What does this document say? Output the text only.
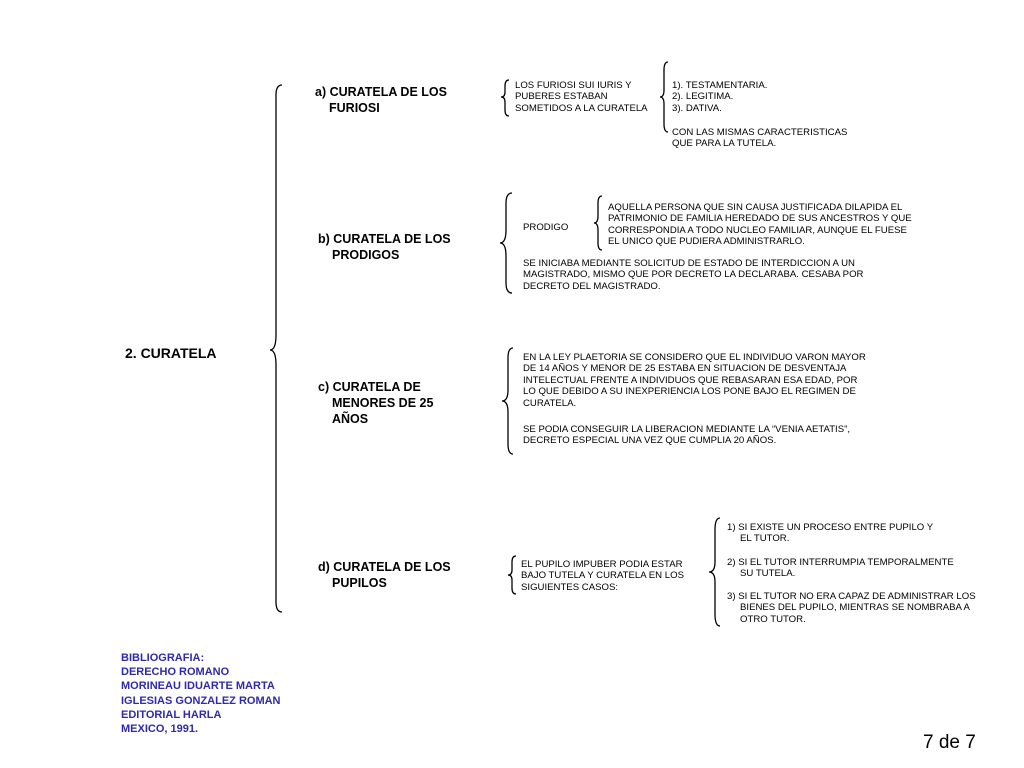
2. CURATELA
a) CURATELA DE LOS
FURIOSI
LOS FURIOSI SUI IURIS Y
PUBERES ESTABAN
SOMETIDOS A LA CURATELA
1). TESTAMENTARIA.
2). LEGITIMA.
3). DATIVA.
CON LAS MISMAS CARACTERISTICAS
QUE PARA LA TUTELA.
b) CURATELA DE LOS
PRODIGOS
PRODIGO
AQUELLA PERSONA QUE SIN CAUSA JUSTIFICADA DILAPIDA EL
PATRIMONIO DE FAMILIA HEREDADO DE SUS ANCESTROS Y QUE
CORRESPONDIA A TODO NUCLEO FAMILIAR, AUNQUE EL FUESE
EL UNICO QUE PUDIERA ADMINISTRARLO.
SE INICIABA MEDIANTE SOLICITUD DE ESTADO DE INTERDICCION A UN
MAGISTRADO, MISMO QUE POR DECRETO LA DECLARABA. CESABA POR
DECRETO DEL MAGISTRADO.
c) CURATELA DE
MENORES DE 25
AÑOS
EN LA LEY PLAETORIA SE CONSIDERO QUE EL INDIVIDUO VARON MAYOR
DE 14 AÑOS Y MENOR DE 25 ESTABA EN SITUACION DE DESVENTAJA
INTELECTUAL FRENTE A INDIVIDUOS QUE REBASARAN ESA EDAD, POR
LO QUE DEBIDO A SU INEXPERIENCIA LOS PONE BAJO EL REGIMEN DE
CURATELA.
SE PODIA CONSEGUIR LA LIBERACION MEDIANTE LA “VENIA AETATIS”,
DECRETO ESPECIAL UNA VEZ QUE CUMPLIA 20 AÑOS.
d) CURATELA DE LOS
PUPILOS
EL PUPILO IMPUBER PODIA ESTAR
BAJO TUTELA Y CURATELA EN LOS
SIGUIENTES CASOS:
1) SI EXISTE UN PROCESO ENTRE PUPILO Y
EL TUTOR.
2) SI EL TUTOR INTERRUMPIA TEMPORALMENTE
SU TUTELA.
3) SI EL TUTOR NO ERA CAPAZ DE ADMINISTRAR LOS
BIENES DEL PUPILO, MIENTRAS SE NOMBRABA A
OTRO TUTOR.
BIBLIOGRAFIA:
DERECHO ROMANO
MORINEAU IDUARTE MARTA
IGLESIAS GONZALEZ ROMAN
EDITORIAL HARLA
MEXICO, 1991.
7 de 7
